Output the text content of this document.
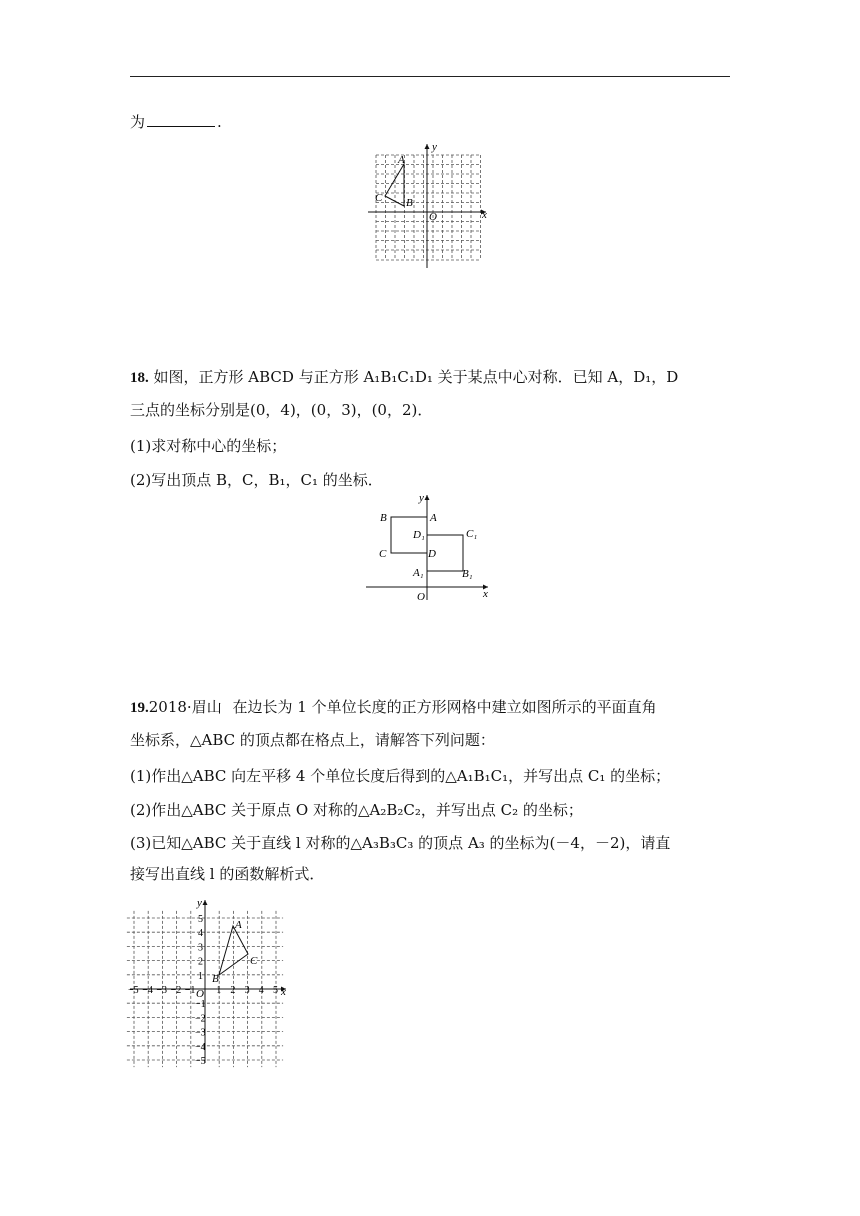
为	.
y
x
O
A
B
C
18. 如图，正方形 ABCD 与正方形 A₁B₁C₁D₁ 关于某点中心对称．已知 A，D₁，D
三点的坐标分别是(0，4)，(0，3)，(0，2)．
(1)求对称中心的坐标；
(2)写出顶点 B，C，B₁，C₁ 的坐标．
y
x
O
B	A
D₁	C₁
C	D
A₁	B₁
19.2018·眉山 在边长为 1 个单位长度的正方形网格中建立如图所示的平面直角
坐标系，△ABC 的顶点都在格点上，请解答下列问题：
(1)作出△ABC 向左平移 4 个单位长度后得到的△A₁B₁C₁，并写出点 C₁ 的坐标；
(2)作出△ABC 关于原点 O 对称的△A₂B₂C₂，并写出点 C₂ 的坐标；
(3)已知△ABC 关于直线 l 对称的△A₃B₃C₃ 的顶点 A₃ 的坐标为(－4，－2)，请直
接写出直线 l 的函数解析式．
−5 −4 −3 −2 −1 1 2 3 4 5
5
4
3
2
1
−1
−2
−3
−4
−5
y
x
O
A
B
C
